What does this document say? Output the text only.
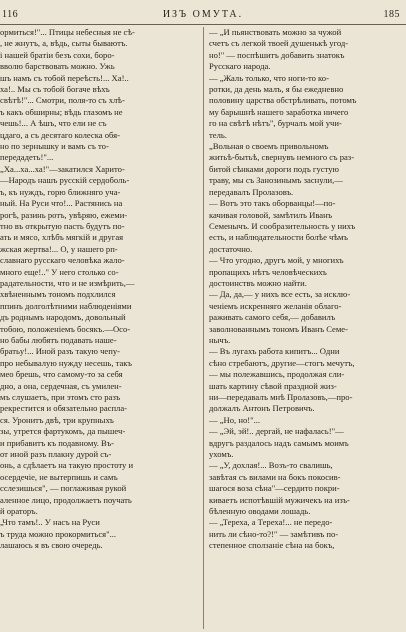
116	ИЗЪ ОМУТА.	185
ормиться!"... Птицы небесныя не сѣ-
, не жнутъ, а, вѣдь, сыты бываютъ.
і нашей братіи безъ сохи, боро-
вволю барствовать можно. Ужь
шъ намъ съ тобой переѣсть!... Ха!..
ха!.. Мы съ тобой богаче вѣхъ
свѣтѣ!"... Смотри, поля-то съ хлѣ-
ъ какъ обширны; вѣдь глазомъ не
чешь!... А ѣшъ, что ели не съ
цдаго, а съ десятаго колеска обя-
но по зернышку и вамъ съ то-
передадеть!"...
„Ха...ха...ха!"—закатился Харито-
—Народъ нашъ русскій сердоболь-
ъ, къ нуждъ, горю ближняго уча-
ный. На Руси что!... Растянись на
рогѣ, разинь ротъ, увѣряю, ежеми-
тно въ открытую пасть будутъ по-
ать и мясо, хлѣбъ мягкій и другая
жская жертва!... О, у нашего рп-
славнаго русскаго человѣка жало-
много еще!.." У него столько со-
радательности, что и не измѣрить,—
хвѣненнымъ тономъ подхлился
ппинъ долголѣтними наблюденіями
дъ роднымъ народомъ, довольный
тобою, положеніемъ босякъ.—Осо-
но бабы любятъ подавать наше-
братьу!... Иной разъ такую чепу-
про небывалую нужду несешь, такъ
мео брешь, что самому-то за себя
дно, а она, сердечная, съ умилен-
мъ слушаетъ, при этомъ сто разъ
рекрестится и обязательно распла-
ся. Уронитъ двѣ, три крупныхъ
зы, утрется фартукомъ, да пышеч-
и прибавитъ къ подавному. Въ-
от иной разъ плакну дурой съ-
онь, а сдѣлаетъ на такую простоту и
осердечіе, не вытерпишь и самъ
сслезишься", — поглаживая рукой
аленное лицо, продолжаетъ поучать
й ораторъ.
„Что тамъ!.. У насъ на Руси
ъ труда можно прокормиться"...
лашаюсь я въ свою очередь.
— „И пьянствовать можно за чужой
счетъ съ легкой твоей душенькѣ угод-
но!" — поспѣшитъ добавить знатокъ
Русскаго народа.
— „Жаль только, что ноги-то ко-
ротки, да день малъ, я бы ежедневно
половину царства обстрѣливать, потомъ
му барышнѣ нашего заработка ничего
го на свѣтѣ нѣтъ", бурчалъ мой учи-
тель.
„Вольная о своемъ привольномъ
житьѣ-бытьѣ, свернувъ немного съ раз-
битой сѣнками дороги подъ густую
траву, мы съ Занозинымъ заснули,—
передавалъ Пролазовъ.
— Вотъ это такъ оборванцы!—по-
качивая головой, замѣтилъ Иванъ
Семенычъ. И сообразительность у нихъ
есть, и наблюдательности болѣе чѣмъ
достаточно.
— Что угодно, другъ мой, у многихъ
пропащихъ нѣтъ человѣческихъ
достоинствъ можно найти.
— Да, да,— у нихъ все есть, за исклю-
ченіемъ искренняго желанія облаго-
раживать самого себя,— добавилъ
заволнованнымъ тономъ Иванъ Семе-
нычъ.
— Въ лугахъ работа кипитъ... Одни
сѣно стребаютъ, другие—стогъ мечутъ,
— мы полежавшись, продолжая сли-
шать картину сѣвой праздной жиз-
ни—передавалъ мнѣ Пролазовъ,—про-
должалъ Антонъ Петровичъ.
— „Но, но!"...
— „Эй, эй!.. дергай, не нафалась!"—
вдругъ раздалось надъ самымъ моимъ
ухомъ.
— „У, дохлая!... Возъ-то свалишь,
завѣтая съ вилами на бокъ покосив-
шагося воза сѣна"—сердито покри-
киваетъ испотѣвшій мужичекъ на изъ-
бѣленную оводами лошадь.
— „Тереха, а Тереха!... не передо-
нить ли сѣно-то?!" — замѣтивъ по-
степенное сползаніе сѣна на бокъ,
